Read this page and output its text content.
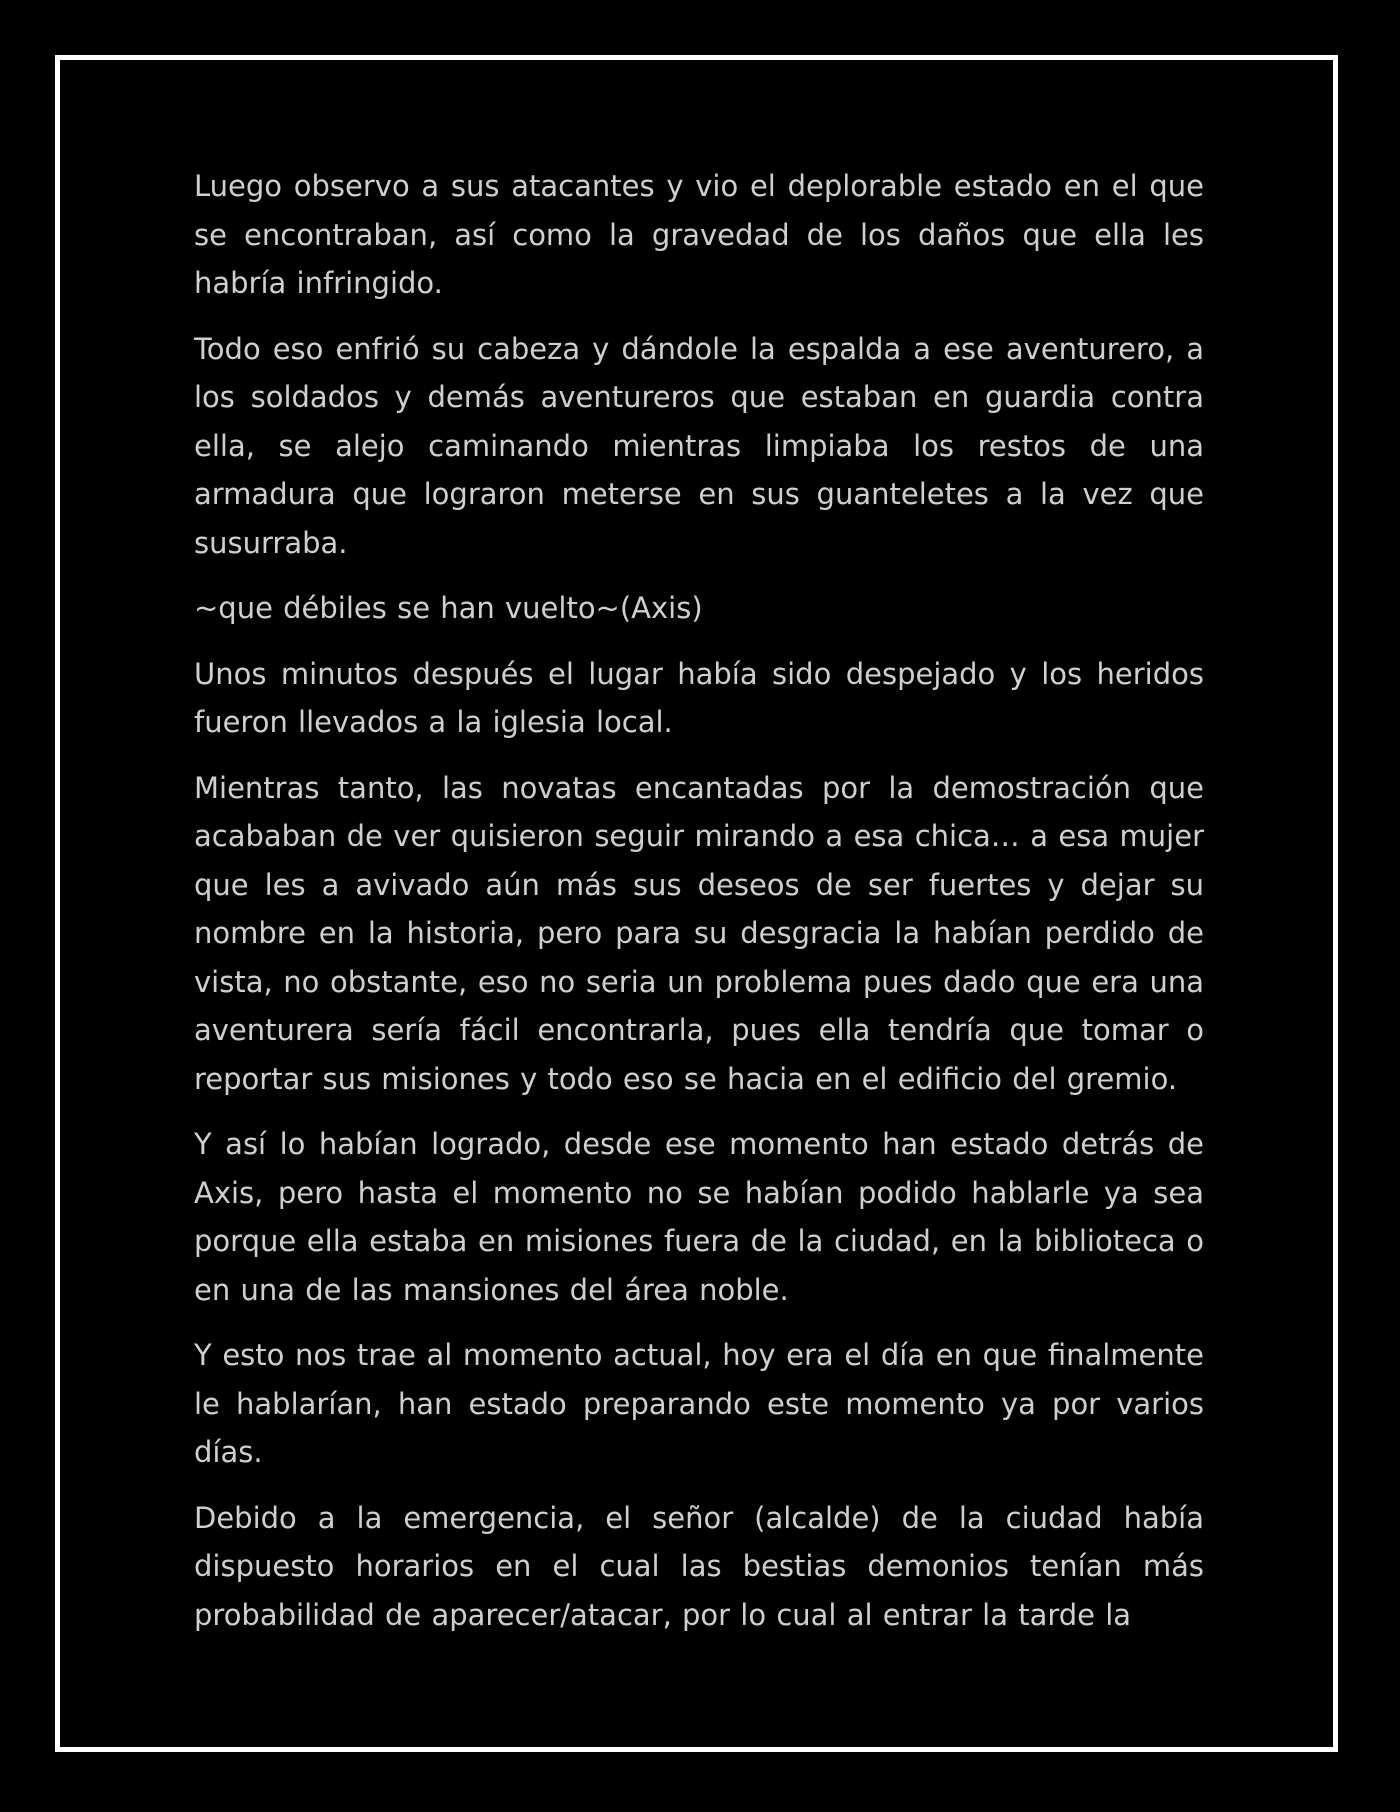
Luego observo a sus atacantes y vio el deplorable estado en el que se encontraban, así como la gravedad de los daños que ella les habría infringido.

Todo eso enfrió su cabeza y dándole la espalda a ese aventurero, a los soldados y demás aventureros que estaban en guardia contra ella, se alejo caminando mientras limpiaba los restos de una armadura que lograron meterse en sus guanteletes a la vez que susurraba.

~que débiles se han vuelto~(Axis)

Unos minutos después el lugar había sido despejado y los heridos fueron llevados a la iglesia local.

Mientras tanto, las novatas encantadas por la demostración que acababan de ver quisieron seguir mirando a esa chica… a esa mujer que les a avivado aún más sus deseos de ser fuertes y dejar su nombre en la historia, pero para su desgracia la habían perdido de vista, no obstante, eso no seria un problema pues dado que era una aventurera sería fácil encontrarla, pues ella tendría que tomar o reportar sus misiones y todo eso se hacia en el edificio del gremio.

Y así lo habían logrado, desde ese momento han estado detrás de Axis, pero hasta el momento no se habían podido hablarle ya sea porque ella estaba en misiones fuera de la ciudad, en la biblioteca o en una de las mansiones del área noble.

Y esto nos trae al momento actual, hoy era el día en que finalmente le hablarían, han estado preparando este momento ya por varios días.

Debido a la emergencia, el señor (alcalde) de la ciudad había dispuesto horarios en el cual las bestias demonios tenían más probabilidad de aparecer/atacar, por lo cual al entrar la tarde la
